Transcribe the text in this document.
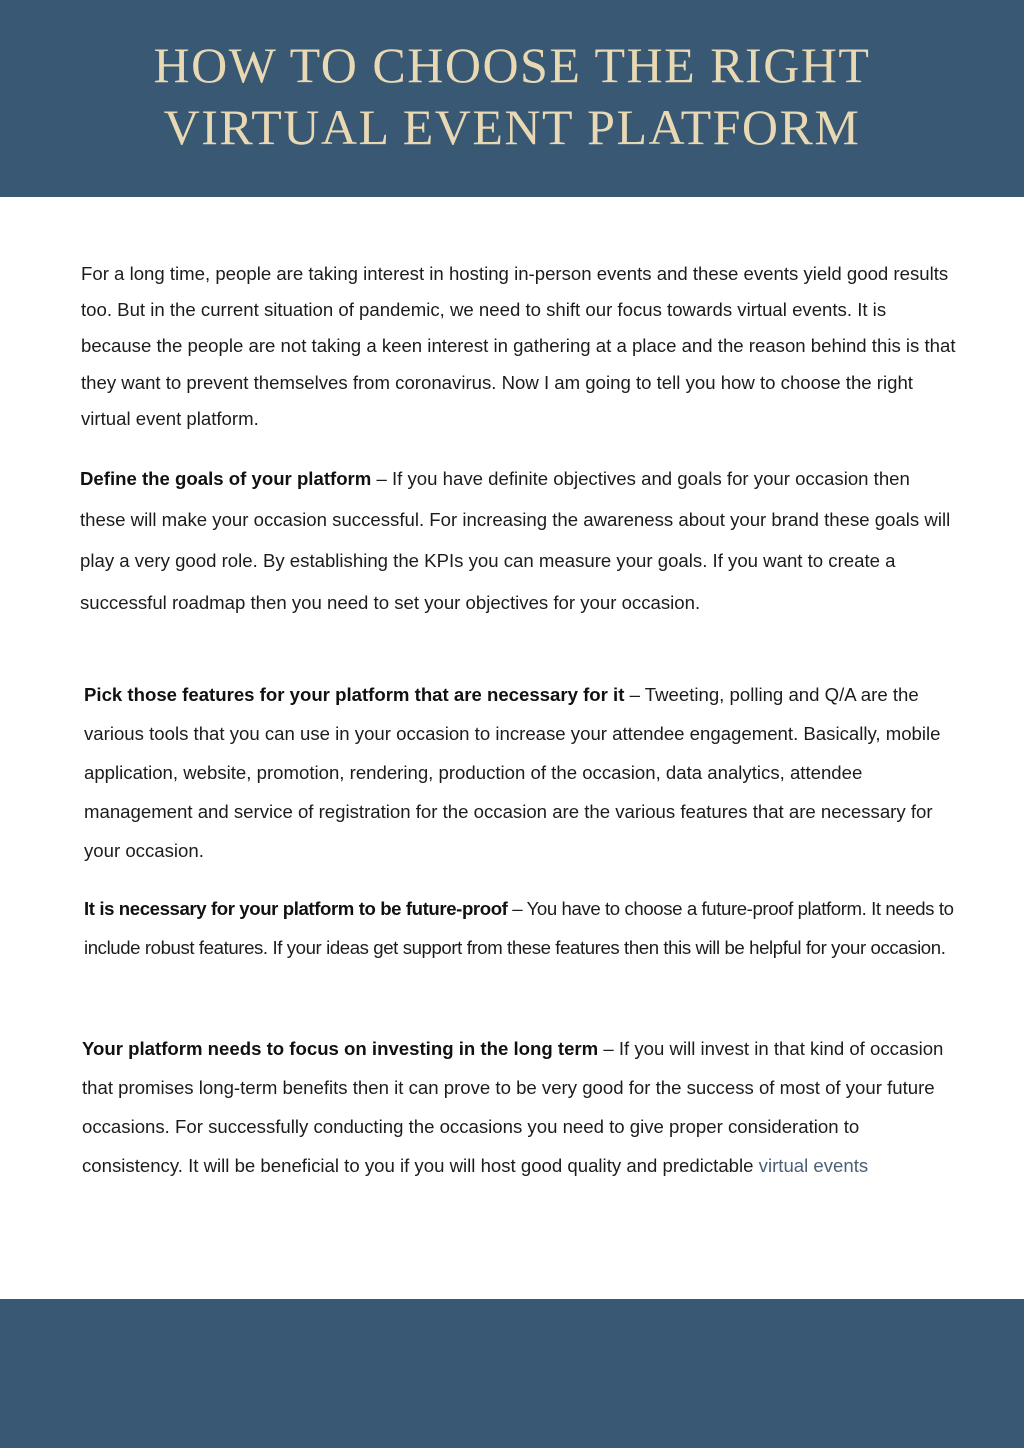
HOW TO CHOOSE THE RIGHT
VIRTUAL EVENT PLATFORM

For a long time, people are taking interest in hosting in-person events and these events yield good results too. But in the current situation of pandemic, we need to shift our focus towards virtual events. It is because the people are not taking a keen interest in gathering at a place and the reason behind this is that they want to prevent themselves from coronavirus. Now I am going to tell you how to choose the right virtual event platform.

Define the goals of your platform – If you have definite objectives and goals for your occasion then these will make your occasion successful. For increasing the awareness about your brand these goals will play a very good role. By establishing the KPIs you can measure your goals. If you want to create a successful roadmap then you need to set your objectives for your occasion.

Pick those features for your platform that are necessary for it – Tweeting, polling and Q/A are the various tools that you can use in your occasion to increase your attendee engagement. Basically, mobile application, website, promotion, rendering, production of the occasion, data analytics, attendee management and service of registration for the occasion are the various features that are necessary for your occasion.

It is necessary for your platform to be future-proof – You have to choose a future-proof platform. It needs to include robust features. If your ideas get support from these features then this will be helpful for your occasion.

Your platform needs to focus on investing in the long term – If you will invest in that kind of occasion that promises long-term benefits then it can prove to be very good for the success of most of your future occasions. For successfully conducting the occasions you need to give proper consideration to consistency. It will be beneficial to you if you will host good quality and predictable virtual events
